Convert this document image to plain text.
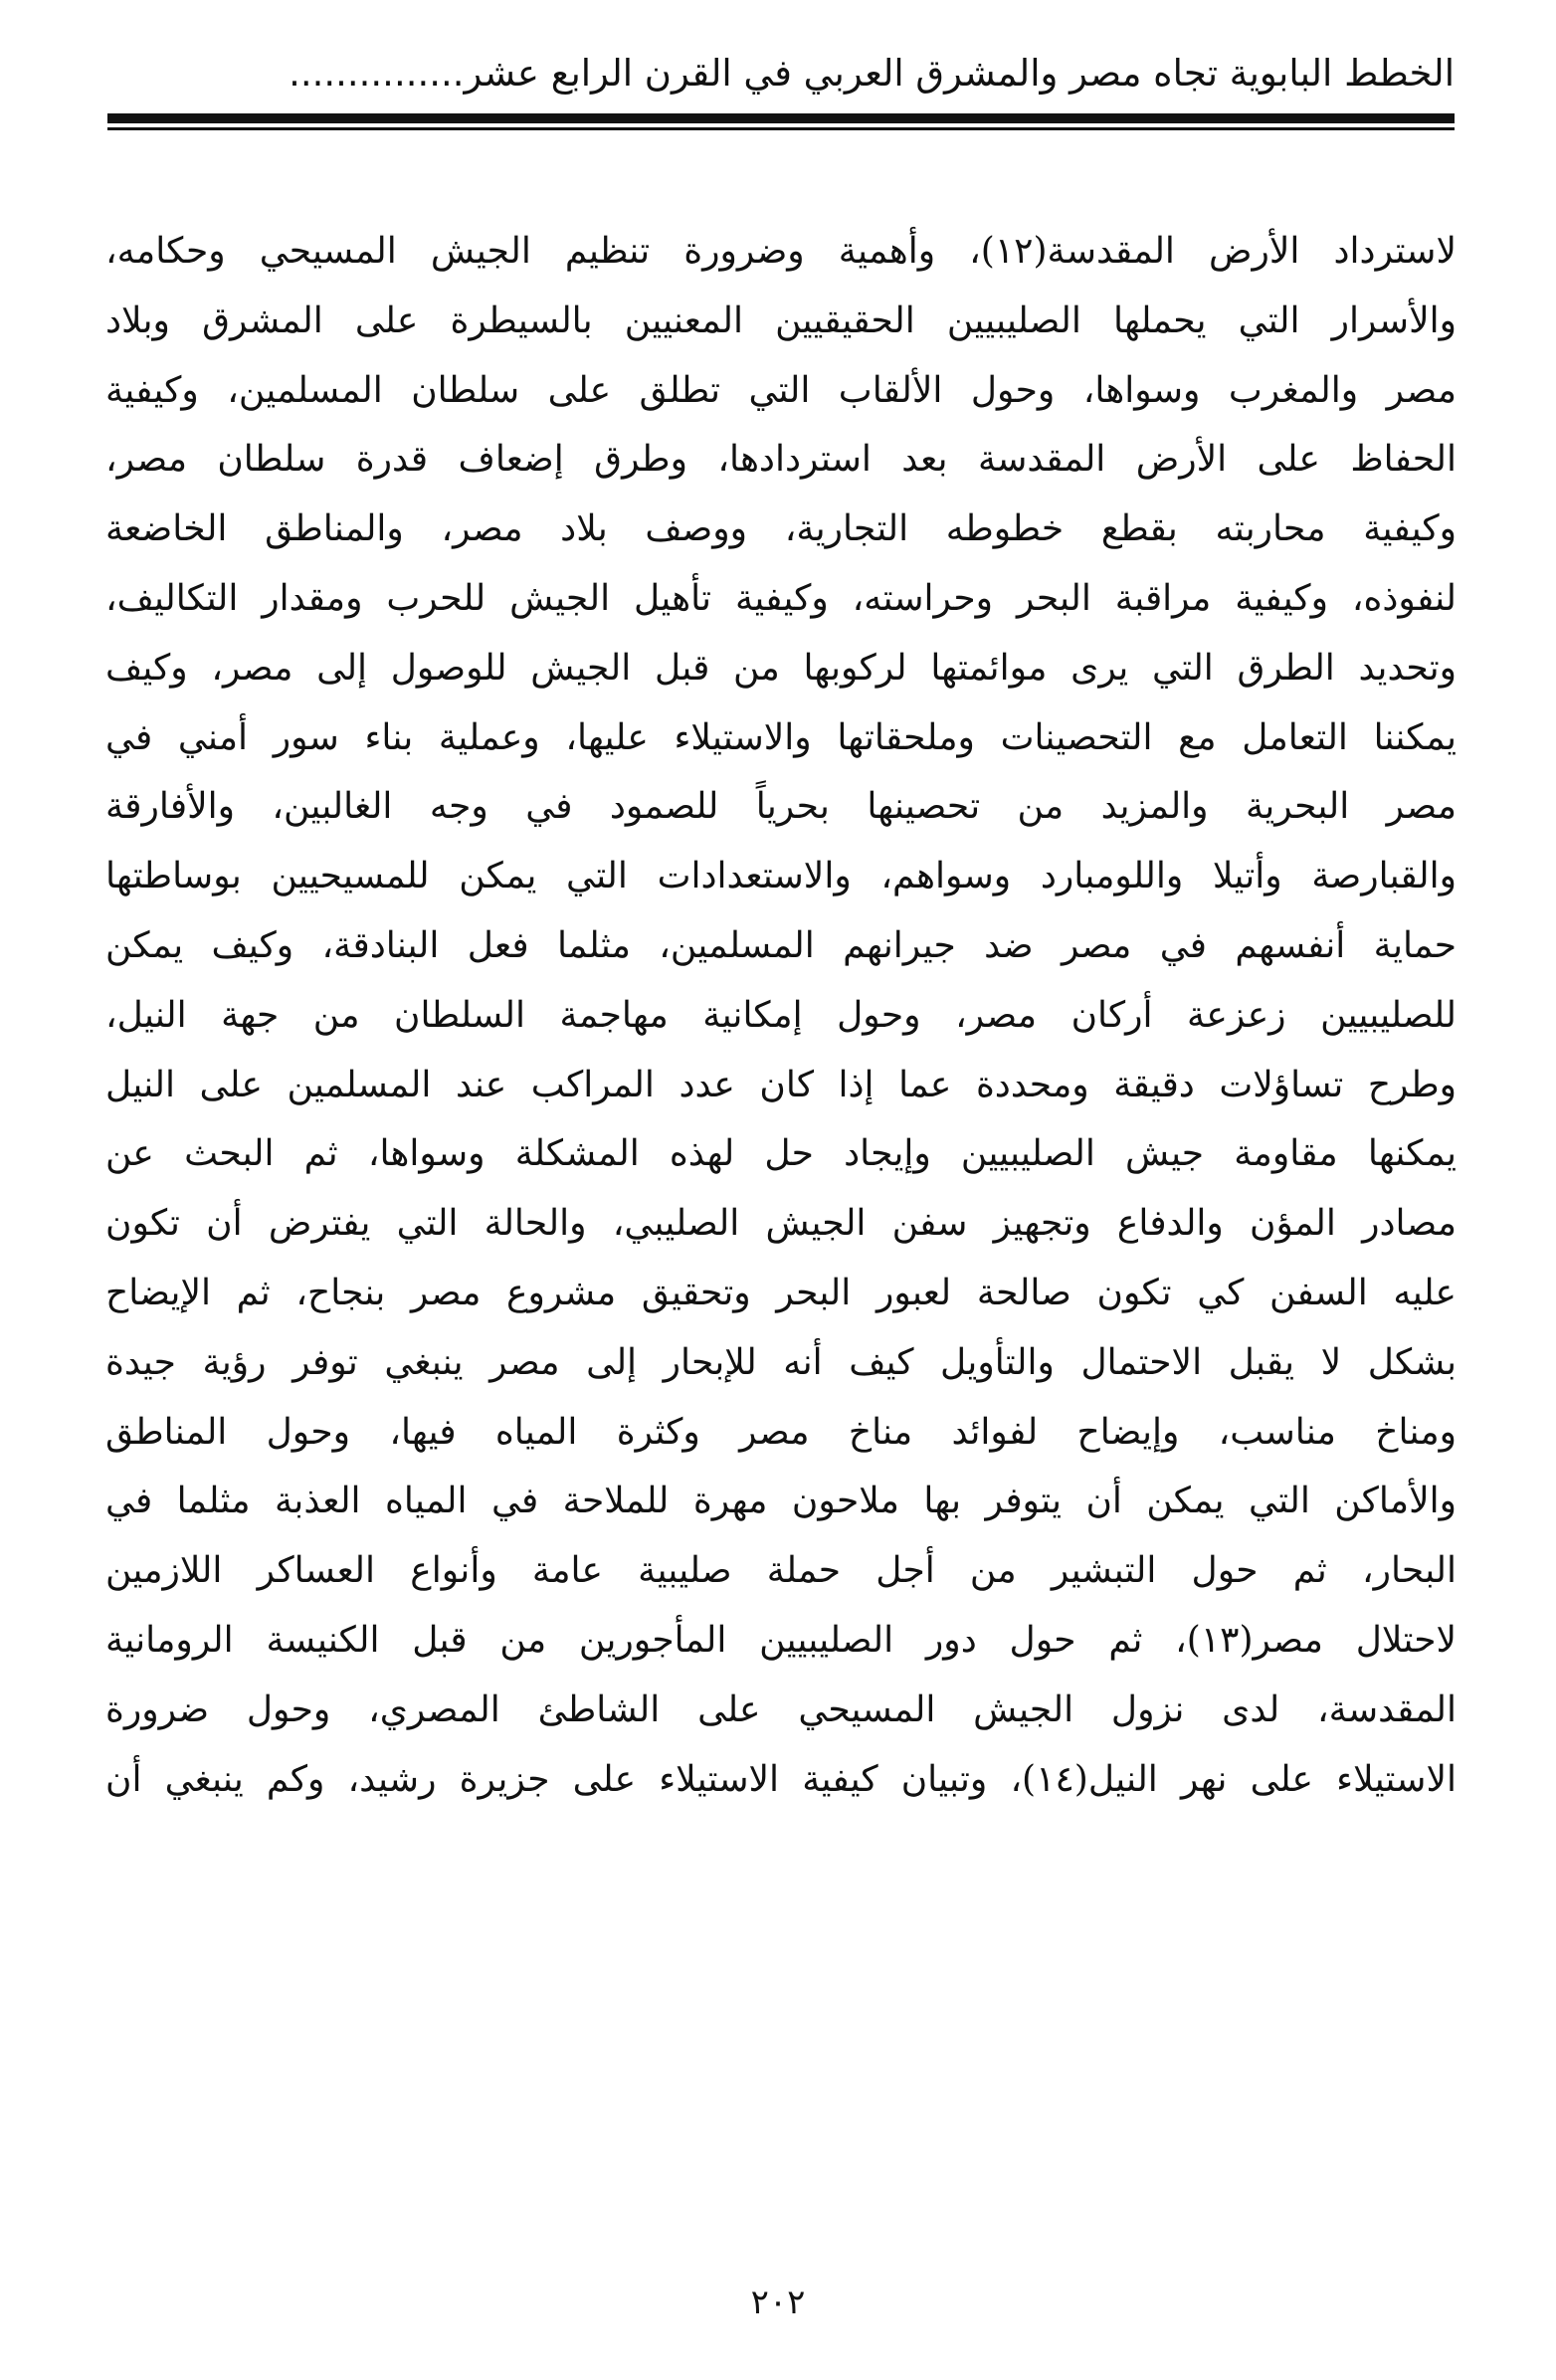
الخطط البابوية تجاه مصر والمشرق العربي في القرن الرابع عشر...............
لاسترداد الأرض المقدسة(١٢)، وأهمية وضرورة تنظيم الجيش المسيحي وحكامه،
والأسرار التي يحملها الصليبيين الحقيقيين المعنيين بالسيطرة على المشرق وبلاد
مصر والمغرب وسواها، وحول الألقاب التي تطلق على سلطان المسلمين، وكيفية
الحفاظ على الأرض المقدسة بعد استردادها، وطرق إضعاف قدرة سلطان مصر،
وكيفية محاربته بقطع خطوطه التجارية، ووصف بلاد مصر، والمناطق الخاضعة
لنفوذه، وكيفية مراقبة البحر وحراسته، وكيفية تأهيل الجيش للحرب ومقدار التكاليف،
وتحديد الطرق التي يرى موائمتها لركوبها من قبل الجيش للوصول إلى مصر، وكيف
يمكننا التعامل مع التحصينات وملحقاتها والاستيلاء عليها، وعملية بناء سور أمني في
مصر البحرية والمزيد من تحصينها بحرياً للصمود في وجه الغالبين، والأفارقة
والقبارصة وأتيلا واللومبارد وسواهم، والاستعدادات التي يمكن للمسيحيين بوساطتها
حماية أنفسهم في مصر ضد جيرانهم المسلمين، مثلما فعل البنادقة، وكيف يمكن
للصليبيين زعزعة أركان مصر، وحول إمكانية مهاجمة السلطان من جهة النيل،
وطرح تساؤلات دقيقة ومحددة عما إذا كان عدد المراكب عند المسلمين على النيل
يمكنها مقاومة جيش الصليبيين وإيجاد حل لهذه المشكلة وسواها، ثم البحث عن
مصادر المؤن والدفاع وتجهيز سفن الجيش الصليبي، والحالة التي يفترض أن تكون
عليه السفن كي تكون صالحة لعبور البحر وتحقيق مشروع مصر بنجاح، ثم الإيضاح
بشكل لا يقبل الاحتمال والتأويل كيف أنه للإبحار إلى مصر ينبغي توفر رؤية جيدة
ومناخ مناسب، وإيضاح لفوائد مناخ مصر وكثرة المياه فيها، وحول المناطق
والأماكن التي يمكن أن يتوفر بها ملاحون مهرة للملاحة في المياه العذبة مثلما في
البحار، ثم حول التبشير من أجل حملة صليبية عامة وأنواع العساكر اللازمين
لاحتلال مصر(١٣)، ثم حول دور الصليبيين المأجورين من قبل الكنيسة الرومانية
المقدسة، لدى نزول الجيش المسيحي على الشاطئ المصري، وحول ضرورة
الاستيلاء على نهر النيل(١٤)، وتبيان كيفية الاستيلاء على جزيرة رشيد، وكم ينبغي أن
٢٠٢
